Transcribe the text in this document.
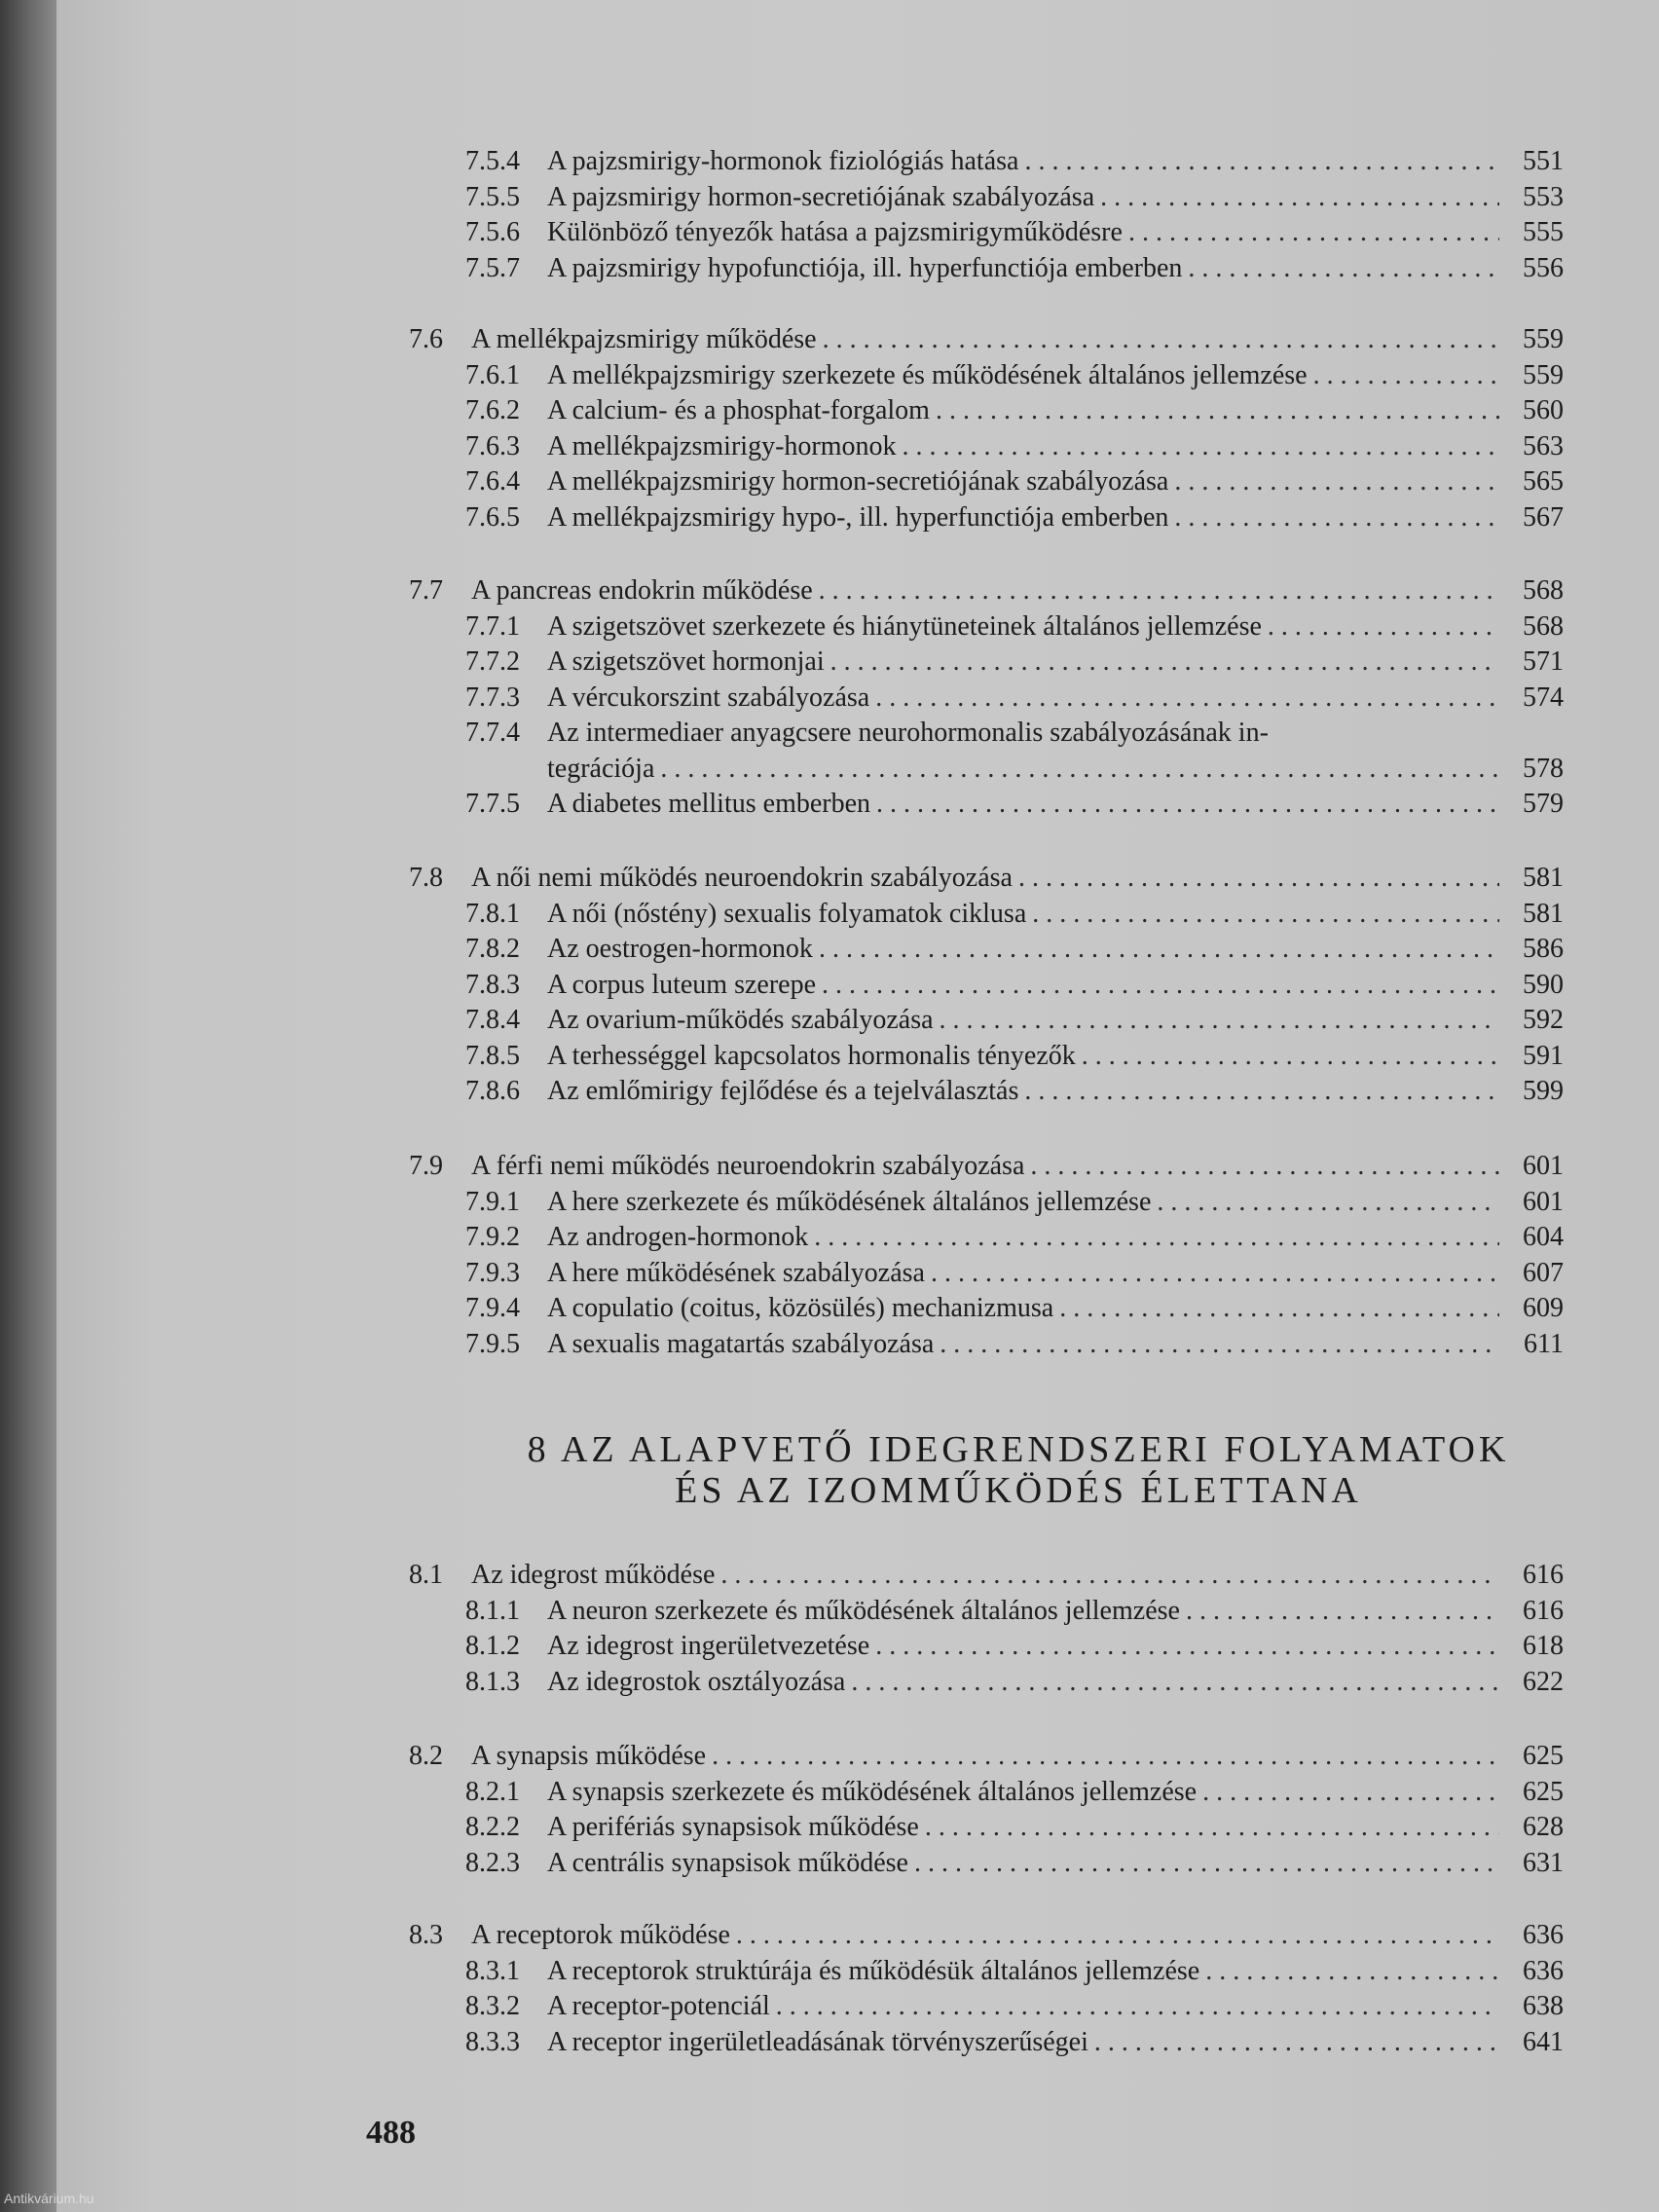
7.5.4	A pajzsmirigy-hormonok fiziológiás hatása . . .	551
7.5.5	A pajzsmirigy hormon-secretiójának szabályozása . . .	553
7.5.6	Különböző tényezők hatása a pajzsmirigyműködésre . . .	555
7.5.7	A pajzsmirigy hypofunctiója, ill. hyperfunctiója emberben . . .	556
7.6	A mellékpajzsmirigy működése . . .	559
7.6.1	A mellékpajzsmirigy szerkezete és működésének általános jellemzése . . .	559
7.6.2	A calcium- és a phosphat-forgalom . . .	560
7.6.3	A mellékpajzsmirigy-hormonok . . .	563
7.6.4	A mellékpajzsmirigy hormon-secretiójának szabályozása . . .	565
7.6.5	A mellékpajzsmirigy hypo-, ill. hyperfunctiója emberben . . .	567
7.7	A pancreas endokrin működése . . .	568
7.7.1	A szigetszövet szerkezete és hiánytüneteinek általános jellemzése . . .	568
7.7.2	A szigetszövet hormonjai . . .	571
7.7.3	A vércukorszint szabályozása . . .	574
7.7.4	Az intermediaer anyagcsere neurohormonalis szabályozásának in-
tegrációja . . .	578
7.7.5	A diabetes mellitus emberben . . .	579
7.8	A női nemi működés neuroendokrin szabályozása . . .	581
7.8.1	A női (nőstény) sexualis folyamatok ciklusa . . .	581
7.8.2	Az oestrogen-hormonok . . .	586
7.8.3	A corpus luteum szerepe . . .	590
7.8.4	Az ovarium-működés szabályozása . . .	592
7.8.5	A terhességgel kapcsolatos hormonalis tényezők . . .	591
7.8.6	Az emlőmirigy fejlődése és a tejelválasztás . . .	599
7.9	A férfi nemi működés neuroendokrin szabályozása . . .	601
7.9.1	A here szerkezete és működésének általános jellemzése . . .	601
7.9.2	Az androgen-hormonok . . .	604
7.9.3	A here működésének szabályozása . . .	607
7.9.4	A copulatio (coitus, közösülés) mechanizmusa . . .	609
7.9.5	A sexualis magatartás szabályozása . . .	611
8.1	Az idegrost működése . . .	616
8.1.1	A neuron szerkezete és működésének általános jellemzése . . .	616
8.1.2	Az idegrost ingerületvezetése . . .	618
8.1.3	Az idegrostok osztályozása . . .	622
8.2	A synapsis működése . . .	625
8.2.1	A synapsis szerkezete és működésének általános jellemzése . . .	625
8.2.2	A perifériás synapsisok működése . . .	628
8.2.3	A centrális synapsisok működése . . .	631
8.3	A receptorok működése . . .	636
8.3.1	A receptorok struktúrája és működésük általános jellemzése . . .	636
8.3.2	A receptor-potenciál . . .	638
8.3.3	A receptor ingerületleadásának törvényszerűségei . . .	641
8 AZ ALAPVETŐ IDEGRENDSZERI FOLYAMATOK
ÉS AZ IZOMMŰKÖDÉS ÉLETTANA
488
Antikvárium.hu
